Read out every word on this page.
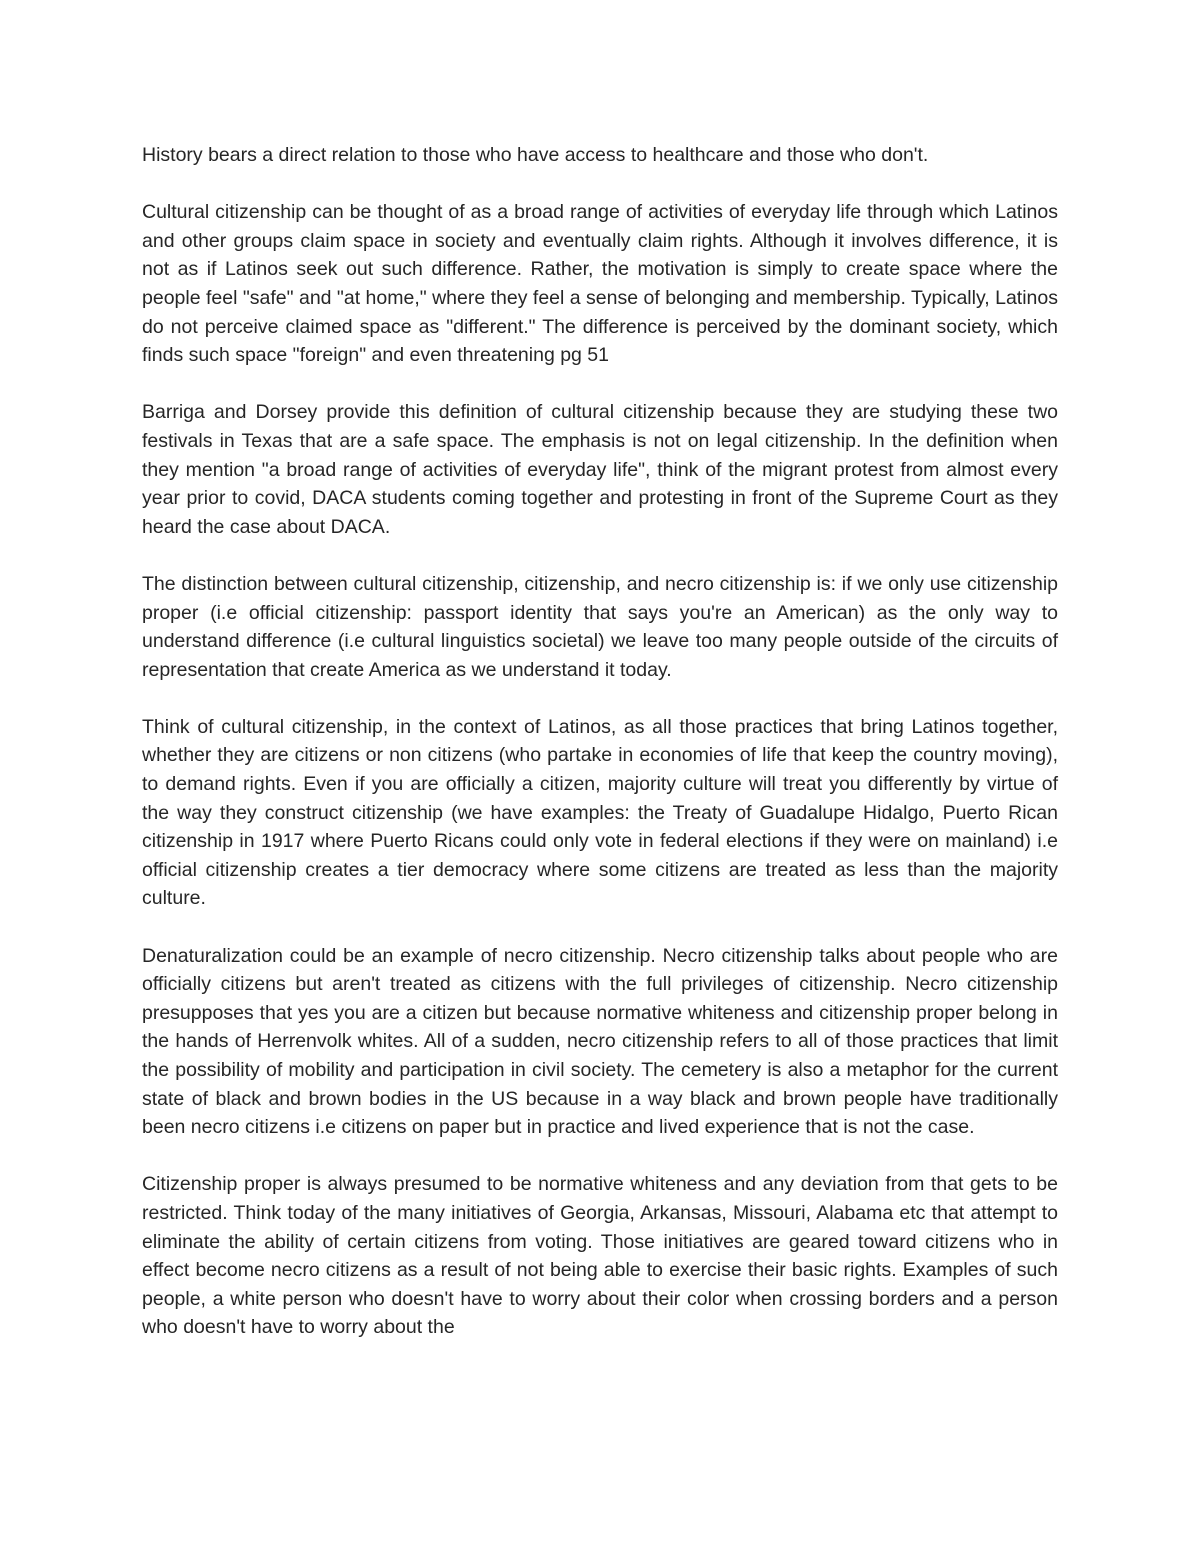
History bears a direct relation to those who have access to healthcare and those who don't.

Cultural citizenship can be thought of as a broad range of activities of everyday life through which Latinos and other groups claim space in society and eventually claim rights. Although it involves difference, it is not as if Latinos seek out such difference. Rather, the motivation is simply to create space where the people feel "safe" and "at home," where they feel a sense of belonging and membership. Typically, Latinos do not perceive claimed space as "different." The difference is perceived by the dominant society, which finds such space "foreign" and even threatening pg 51

Barriga and Dorsey provide this definition of cultural citizenship because they are studying these two festivals in Texas that are a safe space. The emphasis is not on legal citizenship. In the definition when they mention "a broad range of activities of everyday life", think of the migrant protest from almost every year prior to covid, DACA students coming together and protesting in front of the Supreme Court as they heard the case about DACA.

The distinction between cultural citizenship, citizenship, and necro citizenship is: if we only use citizenship proper (i.e official citizenship: passport identity that says you're an American) as the only way to understand difference (i.e cultural linguistics societal) we leave too many people outside of the circuits of representation that create America as we understand it today.

Think of cultural citizenship, in the context of Latinos, as all those practices that bring Latinos together, whether they are citizens or non citizens (who partake in economies of life that keep the country moving), to demand rights. Even if you are officially a citizen, majority culture will treat you differently by virtue of the way they construct citizenship (we have examples: the Treaty of Guadalupe Hidalgo, Puerto Rican citizenship in 1917 where Puerto Ricans could only vote in federal elections if they were on mainland) i.e official citizenship creates a tier democracy where some citizens are treated as less than the majority culture.

Denaturalization could be an example of necro citizenship. Necro citizenship talks about people who are officially citizens but aren't treated as citizens with the full privileges of citizenship. Necro citizenship presupposes that yes you are a citizen but because normative whiteness and citizenship proper belong in the hands of Herrenvolk whites. All of a sudden, necro citizenship refers to all of those practices that limit the possibility of mobility and participation in civil society. The cemetery is also a metaphor for the current state of black and brown bodies in the US because in a way black and brown people have traditionally been necro citizens i.e citizens on paper but in practice and lived experience that is not the case.

Citizenship proper is always presumed to be normative whiteness and any deviation from that gets to be restricted. Think today of the many initiatives of Georgia, Arkansas, Missouri, Alabama etc that attempt to eliminate the ability of certain citizens from voting. Those initiatives are geared toward citizens who in effect become necro citizens as a result of not being able to exercise their basic rights. Examples of such people, a white person who doesn't have to worry about their color when crossing borders and a person who doesn't have to worry about the
